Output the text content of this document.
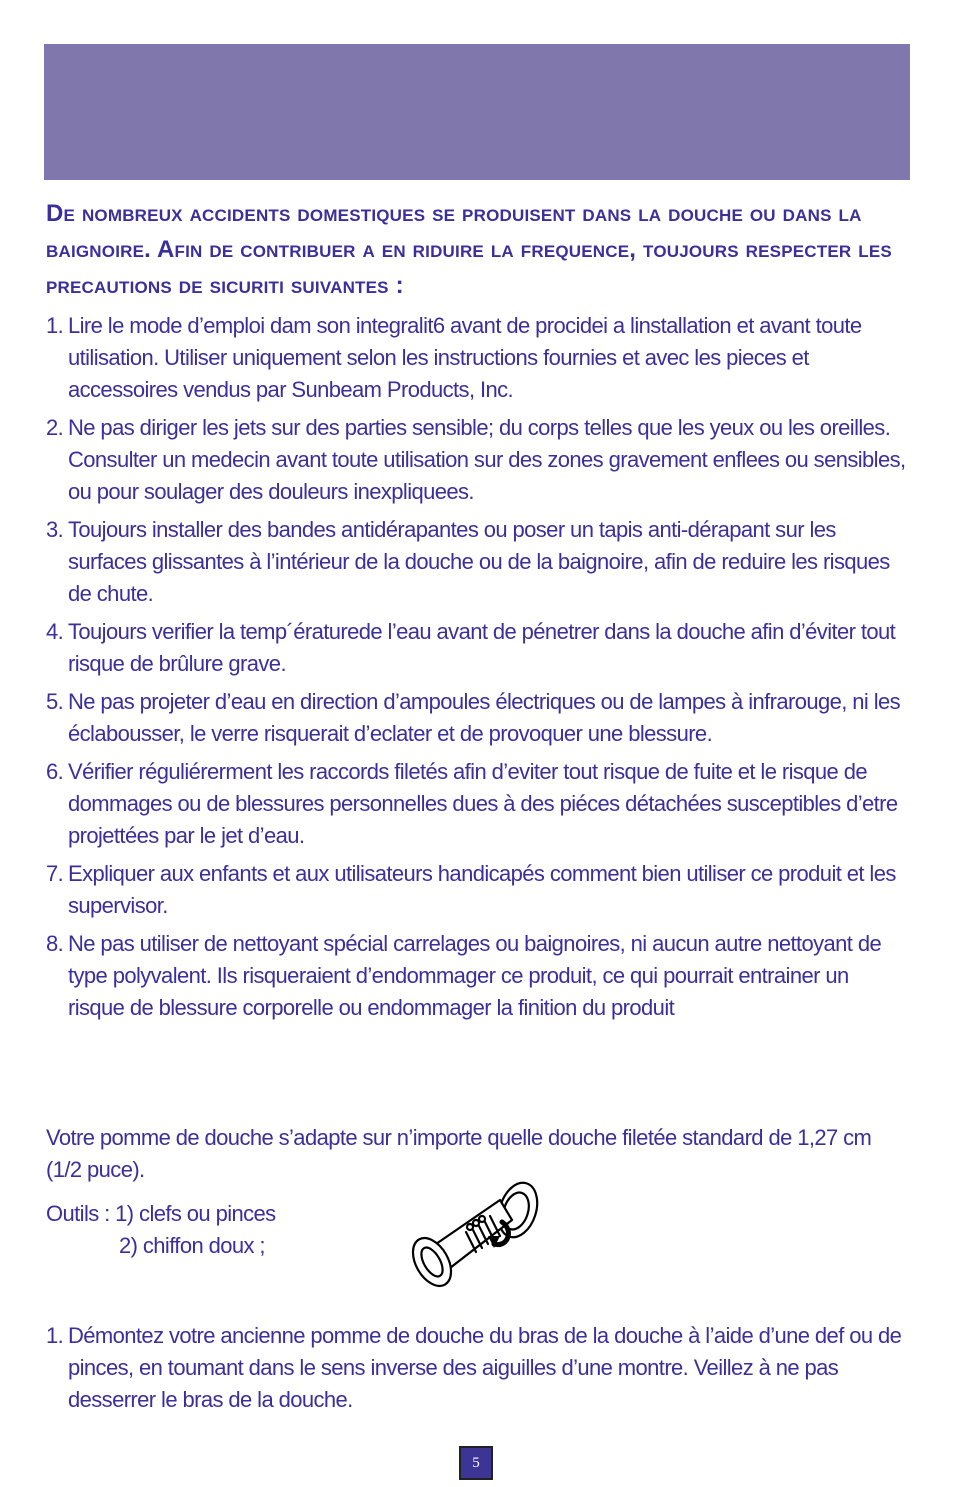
De nombreux accidents domestiques se produisent dans la douche ou dans la baignoire. Afin de contribuer a en riduire la frequence, toujours respecter les precautions de sicuriti suivantes :
1. Lire le mode d’emploi dam son integralit6 avant de procidei a linstallation et avant toute utilisation. Utiliser uniquement selon les instructions fournies et avec les pieces et accessoires vendus par Sunbeam Products, Inc.
2. Ne pas diriger les jets sur des parties sensible; du corps telles que les yeux ou les oreilles. Consulter un medecin avant toute utilisation sur des zones gravement enflees ou sensibles, ou pour soulager des douleurs inexpliquees.
3. Toujours installer des bandes antidérapantes ou poser un tapis anti-dérapant sur les surfaces glissantes à l’intérieur de la douche ou de la baignoire, afin de reduire les risques de chute.
4. Toujours verifier la temp´ératurede l’eau avant de pénetrer dans la douche afin d’éviter tout risque de brûlure grave.
5. Ne pas projeter d’eau en direction d’ampoules électriques ou de lampes à infrarouge, ni les éclabousser, le verre risquerait d’eclater et de provoquer une blessure.
6. Vérifier réguliérerment les raccords filetés afin d’eviter tout risque de fuite et le risque de dommages ou de blessures personnelles dues à des piéces détachées susceptibles d’etre projettées par le jet d’eau.
7. Expliquer aux enfants et aux utilisateurs handicapés comment bien utiliser ce produit et les supervisor.
8. Ne pas utiliser de nettoyant spécial carrelages ou baignoires, ni aucun autre nettoyant de type polyvalent. Ils risqueraient d’endommager ce produit, ce qui pourrait entrainer un risque de blessure corporelle ou endommager la finition du produit
Votre pomme de douche s’adapte sur n’importe quelle douche filetée standard de 1,27 cm (1/2 puce).
Outils : 1) clefs ou pinces
2) chiffon doux ;
1. Démontez votre ancienne pomme de douche du bras de la douche à l’aide d’une def ou de pinces, en toumant dans le sens inverse des aiguilles d’une montre. Veillez à ne pas desserrer le bras de la douche.
5
